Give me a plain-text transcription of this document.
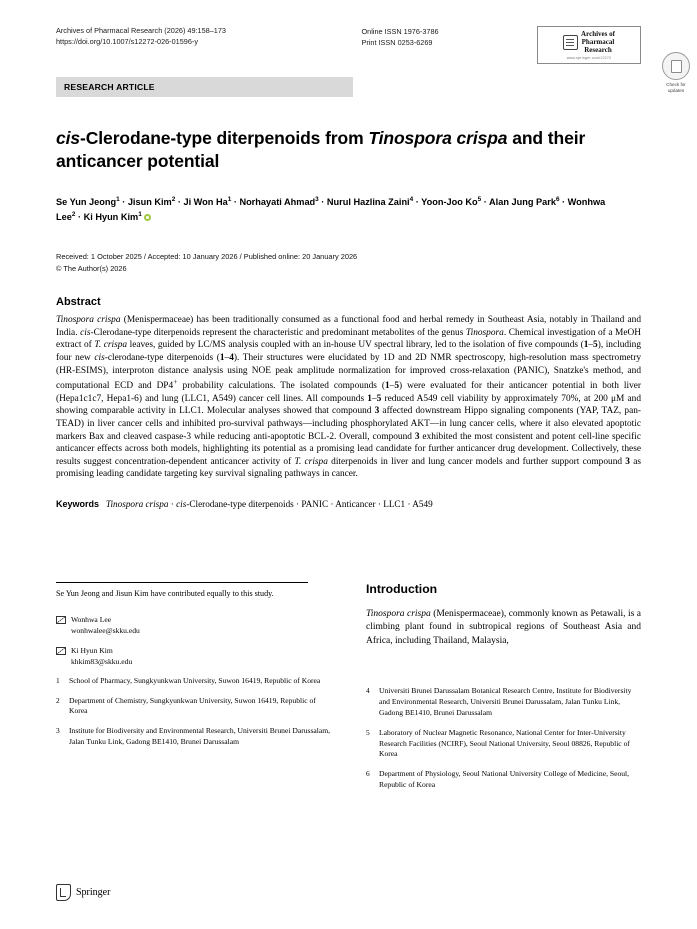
Archives of Pharmacal Research (2026) 49:158–173
https://doi.org/10.1007/s12272-026-01596-y
Online ISSN 1976-3786
Print ISSN 0253-6269
Archives of
Pharmacal
Research
www.springer.com/12272
RESEARCH ARTICLE
cis-Clerodane-type diterpenoids from Tinospora crispa and their anticancer potential
Se Yun Jeong$^1$ · Jisun Kim$^2$ · Ji Won $Ha^1$ · Norhayati Ahmad$^3$ · Nurul Hazlina Zaini$^4$ · Yoon-Joo $Ko^5$ · Alan Jung Park$^6$ · Wonhwa Lee$^2$ · Ki Hyun Kim$^1$
Received: 1 October 2025 / Accepted: 10 January 2026 / Published online: 20 January 2026
© The Author(s) 2026
Abstract

Tinospora crispa (Menispermaceae) has been traditionally consumed as a functional food and herbal remedy in Southeast Asia, notably in Thailand and India. cis-Clerodane-type diterpenoids represent the characteristic and predominant metabolites of the genus Tinospora. Chemical investigation of a MeOH extract of T. crispa leaves, guided by LC/MS analysis coupled with an in-house UV spectral library, led to the isolation of five compounds (1–5), including four new cis-clerodane-type diterpenoids (1–4). Their structures were elucidated by 1D and 2D NMR spectroscopy, high-resolution mass spectrometry (HR-ESIMS), interproton distance analysis using NOE peak amplitude normalization for improved cross-relaxation (PANIC), Snatzke's method, and computational ECD and DP4+ probability calculations. The isolated compounds (1–5) were evaluated for their anticancer potential in both liver (Hepa1c1c7, Hepa1-6) and lung (LLC1, A549) cancer cell lines. All compounds 1–5 reduced A549 cell viability by approximately 70%, at 200 μM and showing comparable activity in LLC1. Molecular analyses showed that compound 3 affected downstream Hippo signaling components (YAP, TAZ, pan-TEAD) in liver cancer cells and inhibited pro-survival pathways—including phosphorylated AKT—in lung cancer cells, where it also elevated apoptotic markers Bax and cleaved caspase-3 while reducing anti-apoptotic BCL-2. Overall, compound 3 exhibited the most consistent and potent cell-line specific anticancer effects across both models, highlighting its potential as a promising lead candidate for further anticancer drug development. Collectively, these results suggest concentration-dependent anticancer activity of T. crispa diterpenoids in liver and lung cancer models and further support compound 3 as promising leading candidate targeting key survival signaling pathways in cancer.

Keywords Tinospora crispa · cis-Clerodane-type diterpenoids · PANIC · Anticancer · LLC1 · A549
Check for
updates
Se Yun Jeong and Jisun Kim have contributed equally to this study.
Wonhwa Lee
wonhwalee@skku.edu
Ki Hyun Kim
khkim83@skku.edu
1	School of Pharmacy, Sungkyunkwan University, Suwon 16419, Republic of Korea
2	Department of Chemistry, Sungkyunkwan University, Suwon 16419, Republic of Korea
3	Institute for Biodiversity and Environmental Research, Universiti Brunei Darussalam, Jalan Tunku Link, Gadong BE1410, Brunei Darussalam
Introduction

Tinospora crispa (Menispermaceae), commonly known as Petawali, is a climbing plant found in subtropical regions of Southeast Asia and Africa, including Thailand, Malaysia,

4	Universiti Brunei Darussalam Botanical Research Centre, Institute for Biodiversity and Environmental Research, Universiti Brunei Darussalam, Jalan Tunku Link, Gadong BE1410, Brunei Darussalam
5	Laboratory of Nuclear Magnetic Resonance, National Center for Inter-University Research Facilities (NCIRF), Seoul National University, Seoul 08826, Republic of Korea
6	Department of Physiology, Seoul National University College of Medicine, Seoul, Republic of Korea
Springer
